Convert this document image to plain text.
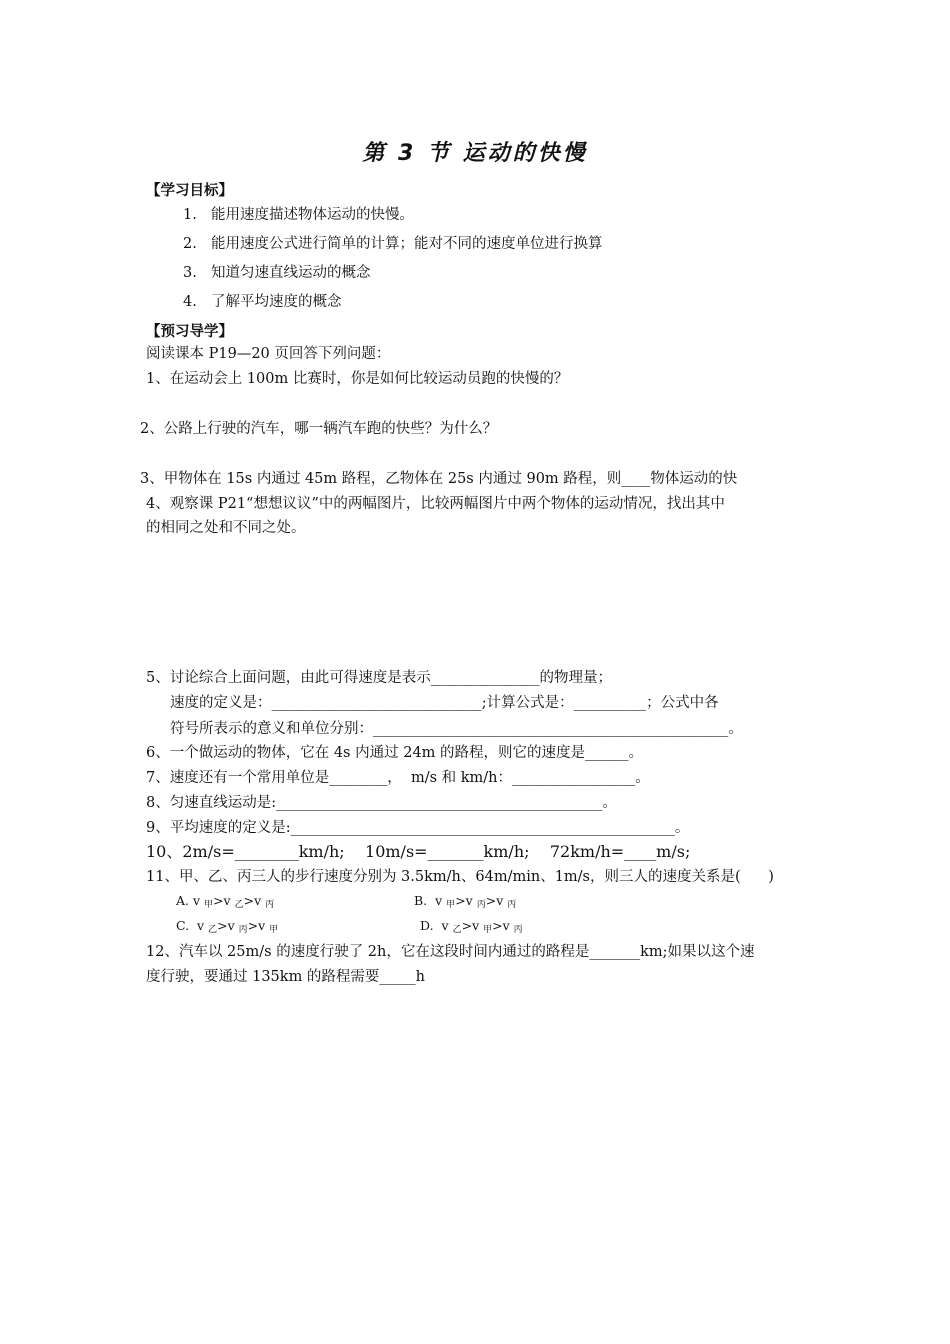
第 3 节 运动的快慢
【学习目标】
1. 能用速度描述物体运动的快慢。
2. 能用速度公式进行简单的计算；能对不同的速度单位进行换算
3. 知道匀速直线运动的概念
4. 了解平均速度的概念
【预习导学】
阅读课本 P19—20 页回答下列问题：
1、在运动会上 100m 比赛时，你是如何比较运动员跑的快慢的？
2、公路上行驶的汽车，哪一辆汽车跑的快些？为什么？
3、甲物体在 15s 内通过 45m 路程，乙物体在 25s 内通过 90m 路程，则____物体运动的快
4、观察课 P21“想想议议”中的两幅图片，比较两幅图片中两个物体的运动情况，找出其中
的相同之处和不同之处。
5、讨论综合上面问题，由此可得速度是表示_______________的物理量；
速度的定义是：_____________________________;计算公式是：__________；公式中各
符号所表示的意义和单位分别：_________________________________________________。
6、一个做运动的物体，它在 4s 内通过 24m 的路程，则它的速度是______。
7、速度还有一个常用单位是________，  m/s 和 km/h：_________________。
8、匀速直线运动是:_____________________________________________。
9、平均速度的定义是:_____________________________________________________。
10、2m/s=________km/h;    10m/s=_______km/h;    72km/h=____m/s;
11、甲、乙、丙三人的步行速度分别为 3.5km/h、64m/min、1m/s，则三人的速度关系是(      )
A. v $_甲$>v $_乙$>v $_丙$	B. v $_甲$>v $_丙$>v $_丙$
C. v $_乙$>v $_丙$>v $_甲$	D. v $_乙$>v $_甲$>v $_丙$
12、汽车以 25m/s 的速度行驶了 2h，它在这段时间内通过的路程是_______km;如果以这个速
度行驶，要通过 135km 的路程需要_____h
